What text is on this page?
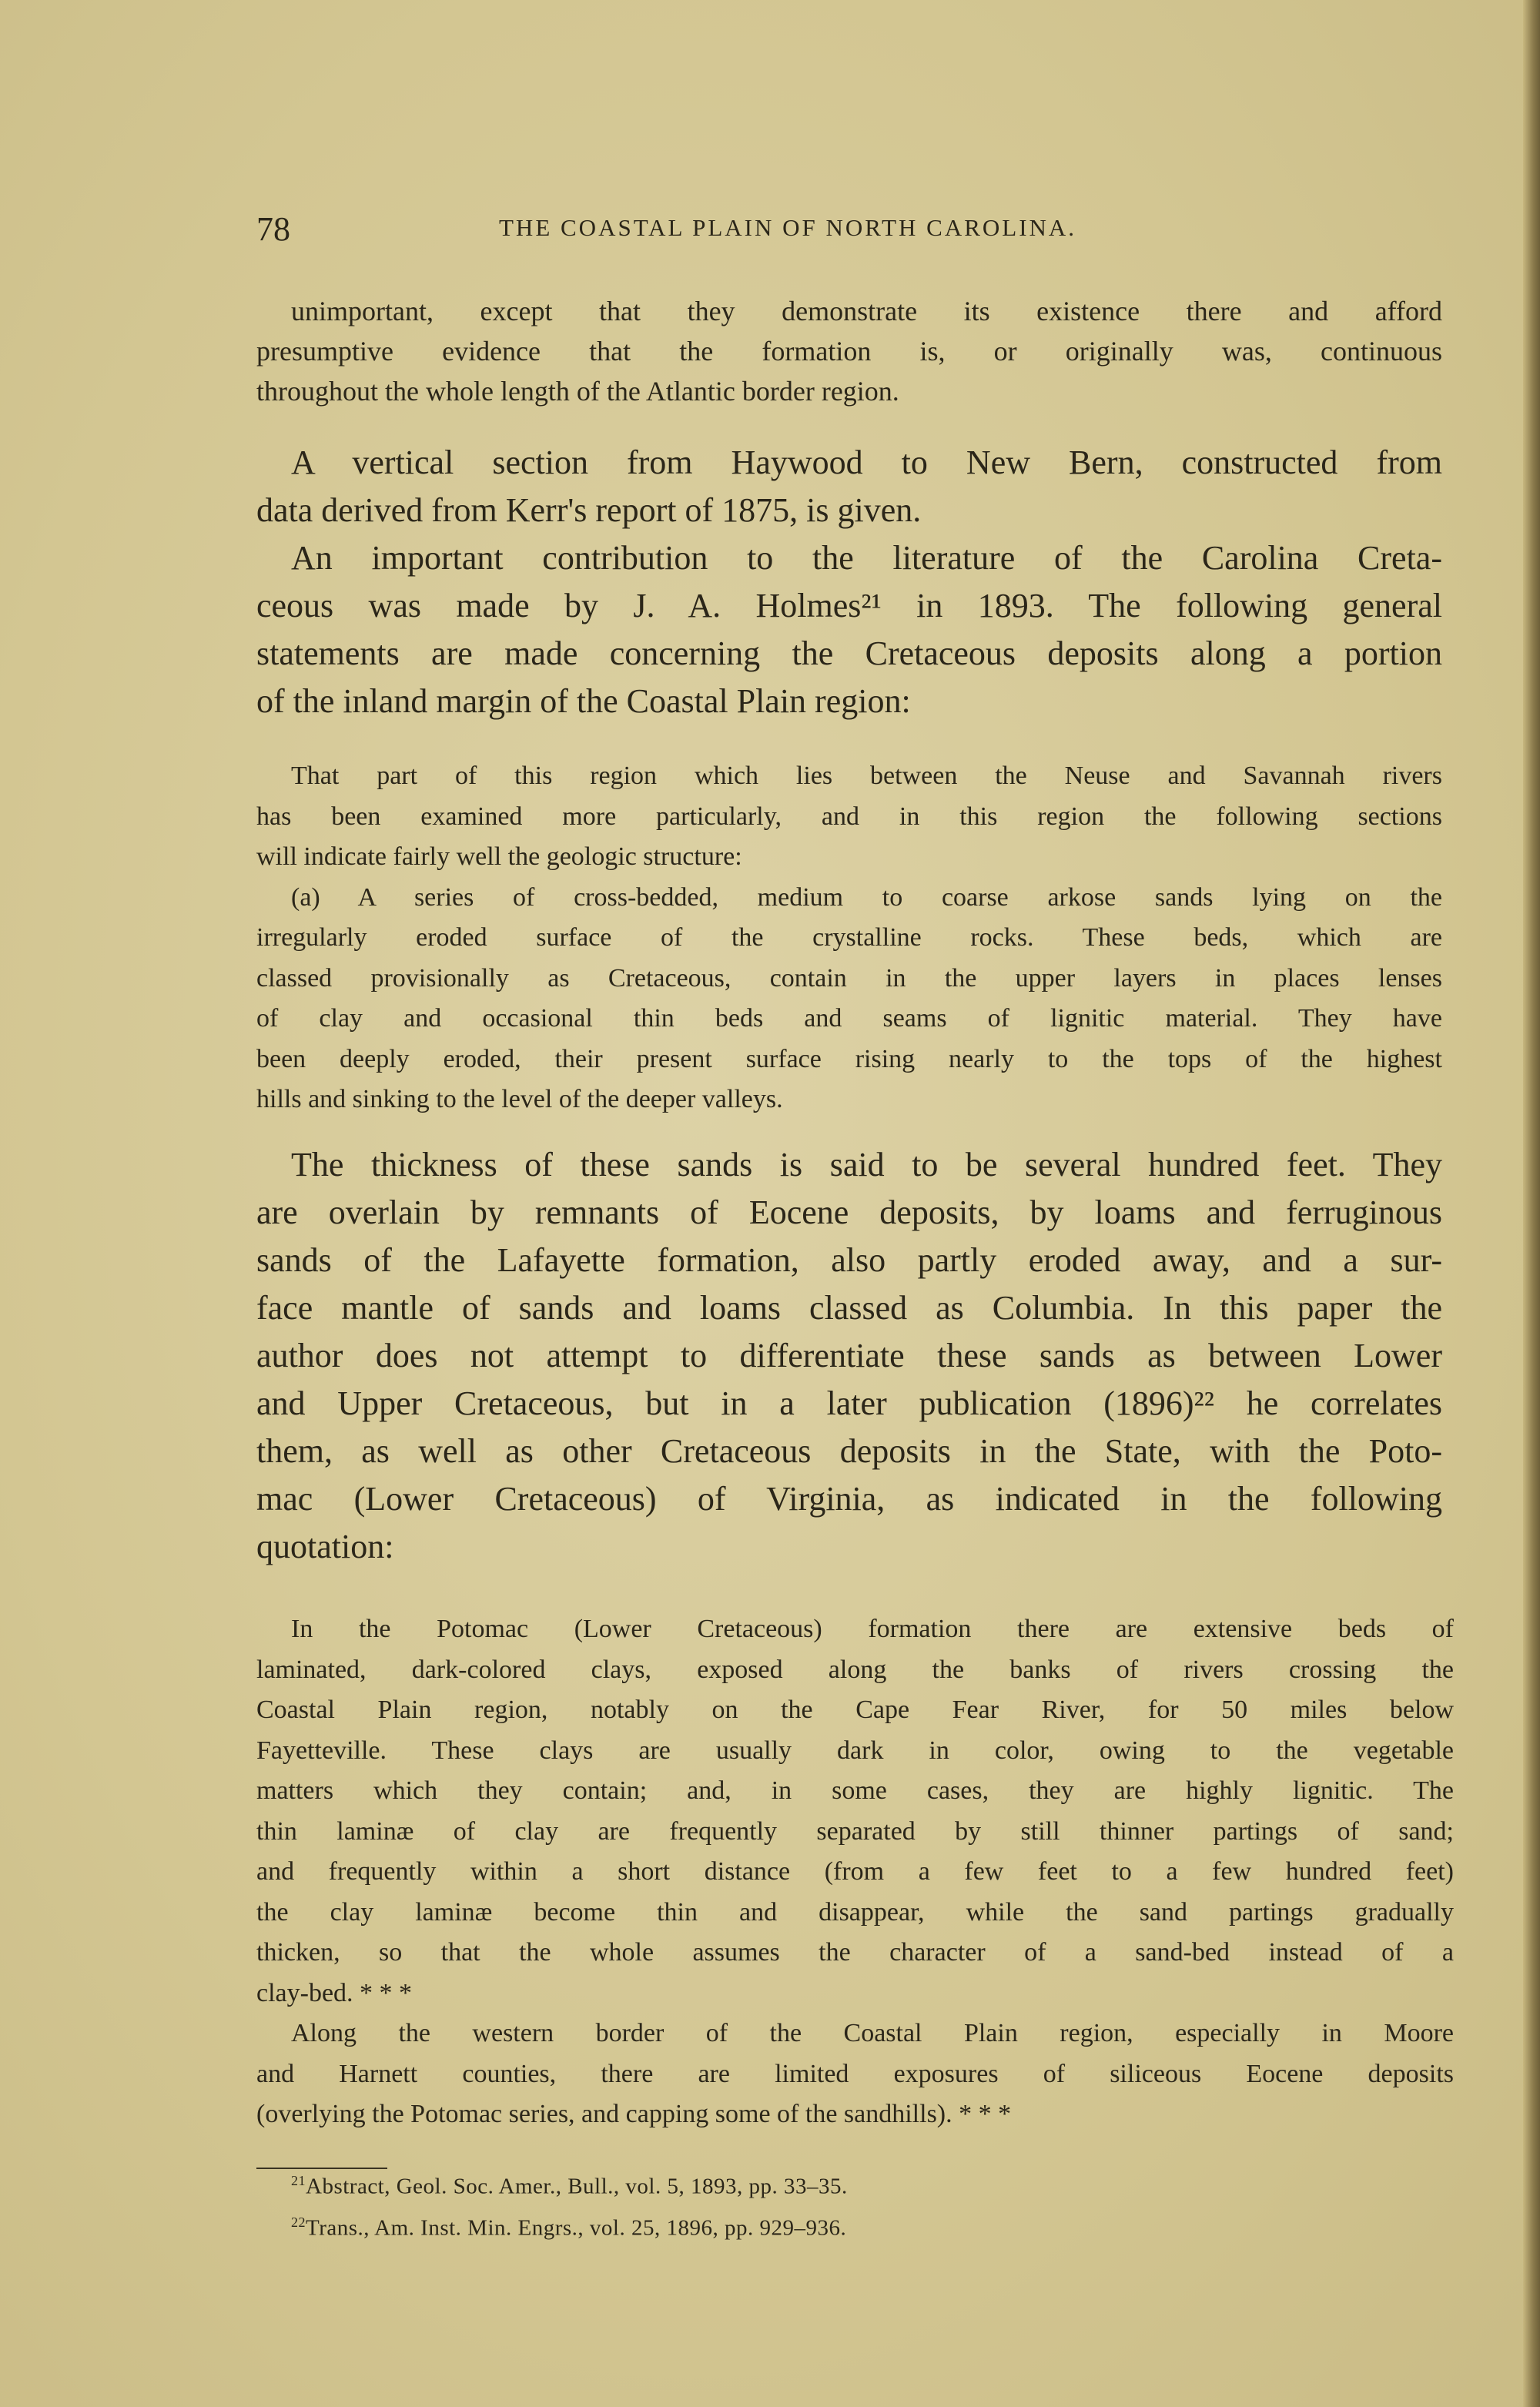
78	THE COASTAL PLAIN OF NORTH CAROLINA.
unimportant, except that they demonstrate its existence there and afford
presumptive evidence that the formation is, or originally was, continuous
throughout the whole length of the Atlantic border region.
A vertical section from Haywood to New Bern, constructed from
data derived from Kerr's report of 1875, is given.
An important contribution to the literature of the Carolina Creta-
ceous was made by J. A. Holmes²¹ in 1893. The following general
statements are made concerning the Cretaceous deposits along a portion
of the inland margin of the Coastal Plain region:
That part of this region which lies between the Neuse and Savannah rivers
has been examined more particularly, and in this region the following sections
will indicate fairly well the geologic structure:
(a) A series of cross-bedded, medium to coarse arkose sands lying on the
irregularly eroded surface of the crystalline rocks. These beds, which are
classed provisionally as Cretaceous, contain in the upper layers in places lenses
of clay and occasional thin beds and seams of lignitic material. They have
been deeply eroded, their present surface rising nearly to the tops of the highest
hills and sinking to the level of the deeper valleys.
The thickness of these sands is said to be several hundred feet. They
are overlain by remnants of Eocene deposits, by loams and ferruginous
sands of the Lafayette formation, also partly eroded away, and a sur-
face mantle of sands and loams classed as Columbia. In this paper the
author does not attempt to differentiate these sands as between Lower
and Upper Cretaceous, but in a later publication (1896)²² he correlates
them, as well as other Cretaceous deposits in the State, with the Poto-
mac (Lower Cretaceous) of Virginia, as indicated in the following
quotation:
In the Potomac (Lower Cretaceous) formation there are extensive beds of
laminated, dark-colored clays, exposed along the banks of rivers crossing the
Coastal Plain region, notably on the Cape Fear River, for 50 miles below
Fayetteville. These clays are usually dark in color, owing to the vegetable
matters which they contain; and, in some cases, they are highly lignitic. The
thin laminæ of clay are frequently separated by still thinner partings of sand;
and frequently within a short distance (from a few feet to a few hundred feet)
the clay laminæ become thin and disappear, while the sand partings gradually
thicken, so that the whole assumes the character of a sand-bed instead of a
clay-bed. * * *
Along the western border of the Coastal Plain region, especially in Moore
and Harnett counties, there are limited exposures of siliceous Eocene deposits
(overlying the Potomac series, and capping some of the sandhills). * * *
$^{21}$Abstract, Geol. Soc. Amer., Bull., vol. 5, 1893, pp. 33–35.
$^{22}$Trans., Am. Inst. Min. Engrs., vol. 25, 1896, pp. 929–936.
